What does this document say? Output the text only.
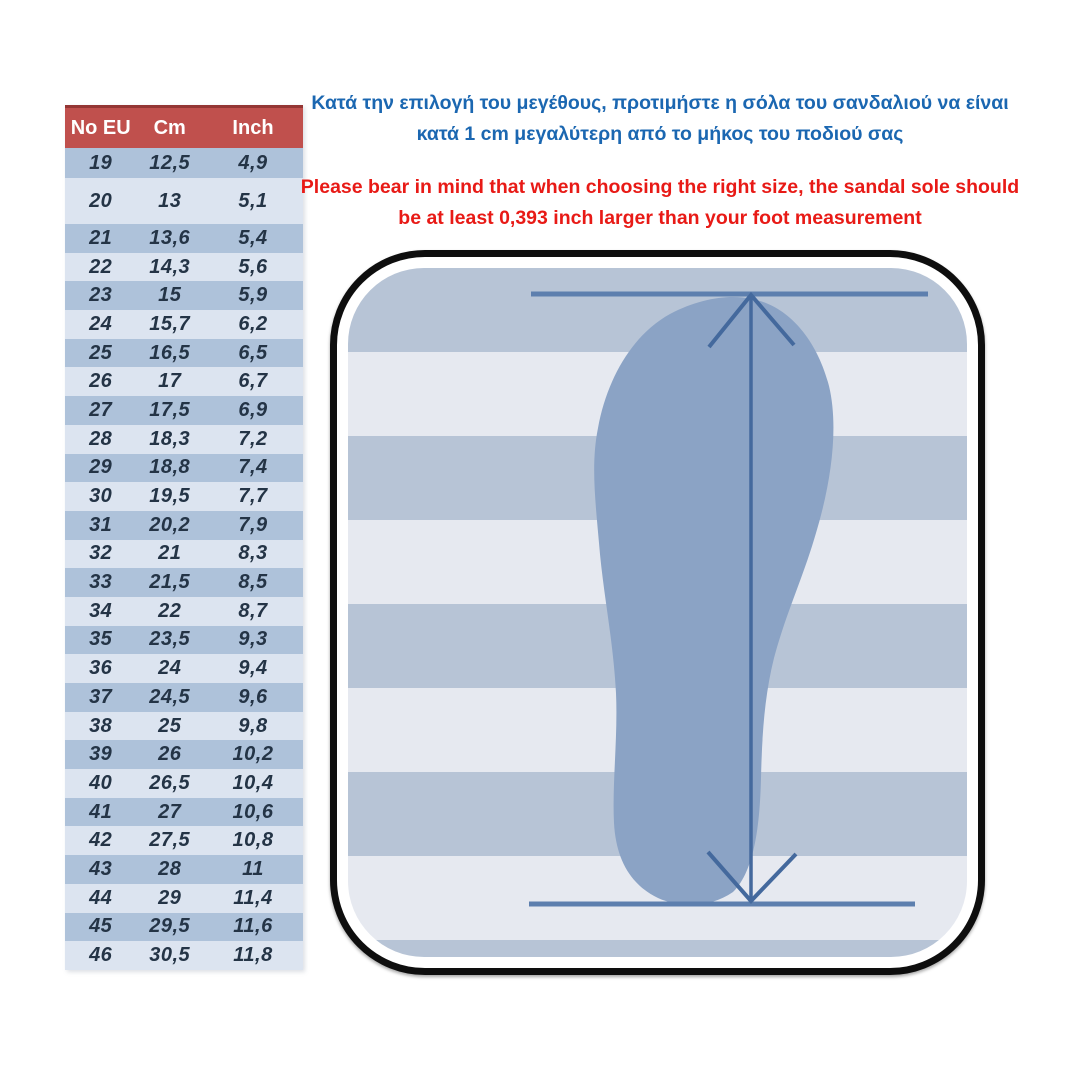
No EU	Cm	Inch
19	12,5	4,9
20	13	5,1
21	13,6	5,4
22	14,3	5,6
23	15	5,9
24	15,7	6,2
25	16,5	6,5
26	17	6,7
27	17,5	6,9
28	18,3	7,2
29	18,8	7,4
30	19,5	7,7
31	20,2	7,9
32	21	8,3
33	21,5	8,5
34	22	8,7
35	23,5	9,3
36	24	9,4
37	24,5	9,6
38	25	9,8
39	26	10,2
40	26,5	10,4
41	27	10,6
42	27,5	10,8
43	28	11
44	29	11,4
45	29,5	11,6
46	30,5	11,8
Κατά την επιλογή του μεγέθους, προτιμήστε η σόλα του σανδαλιού να είναι κατά 1 cm μεγαλύτερη από το μήκος του ποδιού σας
Please bear in mind that when choosing the right size, the sandal sole should be at least 0,393 inch larger than your foot measurement
